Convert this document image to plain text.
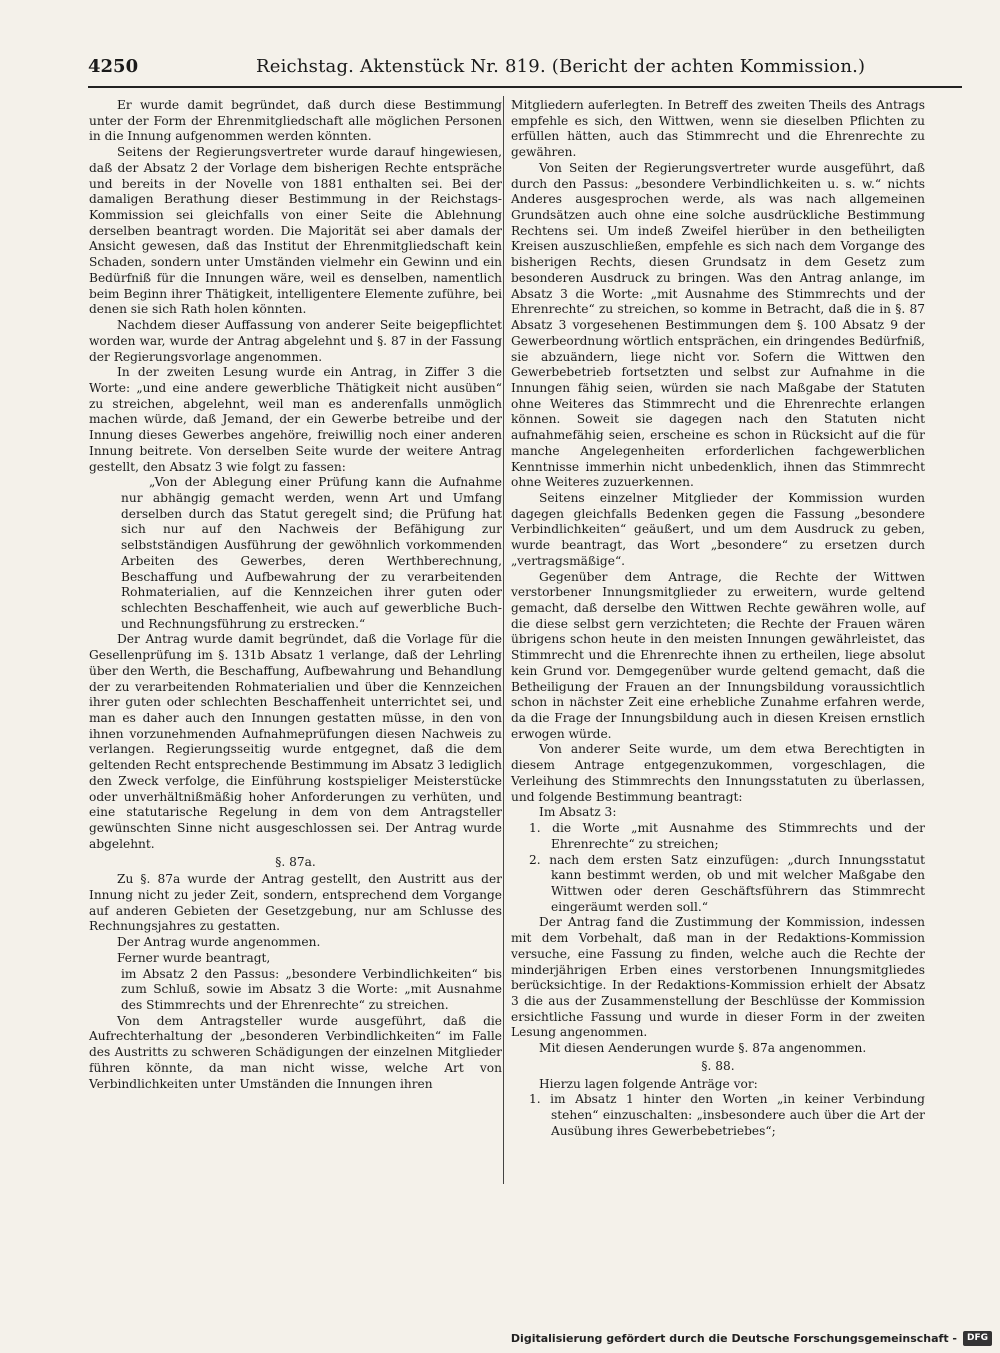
4250	Reichstag. Aktenstück Nr. 819. (Bericht der achten Kommission.)

Er wurde damit begründet, daß durch diese Bestimmung unter der Form der Ehrenmitgliedschaft alle möglichen Personen in die Innung aufgenommen werden könnten.

Seitens der Regierungsvertreter wurde darauf hingewiesen, daß der Absatz 2 der Vorlage dem bisherigen Rechte entspräche und bereits in der Novelle von 1881 enthalten sei. Bei der damaligen Berathung dieser Bestimmung in der Reichstags-Kommission sei gleichfalls von einer Seite die Ablehnung derselben beantragt worden. Die Majorität sei aber damals der Ansicht gewesen, daß das Institut der Ehrenmitgliedschaft kein Schaden, sondern unter Umständen vielmehr ein Gewinn und ein Bedürfniß für die Innungen wäre, weil es denselben, namentlich beim Beginn ihrer Thätigkeit, intelligentere Elemente zuführe, bei denen sie sich Rath holen könnten.

Nachdem dieser Auffassung von anderer Seite beigepflichtet worden war, wurde der Antrag abgelehnt und §. 87 in der Fassung der Regierungsvorlage angenommen.

In der zweiten Lesung wurde ein Antrag, in Ziffer 3 die Worte: „und eine andere gewerbliche Thätigkeit nicht ausüben“ zu streichen, abgelehnt, weil man es anderenfalls unmöglich machen würde, daß Jemand, der ein Gewerbe betreibe und der Innung dieses Gewerbes angehöre, freiwillig noch einer anderen Innung beitrete. Von derselben Seite wurde der weitere Antrag gestellt, den Absatz 3 wie folgt zu fassen:

„Von der Ablegung einer Prüfung kann die Aufnahme nur abhängig gemacht werden, wenn Art und Umfang derselben durch das Statut geregelt sind; die Prüfung hat sich nur auf den Nachweis der Befähigung zur selbstständigen Ausführung der gewöhnlich vorkommenden Arbeiten des Gewerbes, deren Werthberechnung, Beschaffung und Aufbewahrung der zu verarbeitenden Rohmaterialien, auf die Kennzeichen ihrer guten oder schlechten Beschaffenheit, wie auch auf gewerbliche Buch- und Rechnungsführung zu erstrecken.“

Der Antrag wurde damit begründet, daß die Vorlage für die Gesellenprüfung im §. 131b Absatz 1 verlange, daß der Lehrling über den Werth, die Beschaffung, Aufbewahrung und Behandlung der zu verarbeitenden Rohmaterialien und über die Kennzeichen ihrer guten oder schlechten Beschaffenheit unterrichtet sei, und man es daher auch den Innungen gestatten müsse, in den von ihnen vorzunehmenden Aufnahmeprüfungen diesen Nachweis zu verlangen. Regierungsseitig wurde entgegnet, daß die dem geltenden Recht entsprechende Bestimmung im Absatz 3 lediglich den Zweck verfolge, die Einführung kostspieliger Meisterstücke oder unverhältnißmäßig hoher Anforderungen zu verhüten, und eine statutarische Regelung in dem von dem Antragsteller gewünschten Sinne nicht ausgeschlossen sei. Der Antrag wurde abgelehnt.

§. 87a.

Zu §. 87a wurde der Antrag gestellt, den Austritt aus der Innung nicht zu jeder Zeit, sondern, entsprechend dem Vorgange auf anderen Gebieten der Gesetzgebung, nur am Schlusse des Rechnungsjahres zu gestatten.

Der Antrag wurde angenommen.

Ferner wurde beantragt,

im Absatz 2 den Passus: „besondere Verbindlichkeiten“ bis zum Schluß, sowie im Absatz 3 die Worte: „mit Ausnahme des Stimmrechts und der Ehrenrechte“ zu streichen.

Von dem Antragsteller wurde ausgeführt, daß die Aufrechterhaltung der „besonderen Verbindlichkeiten“ im Falle des Austritts zu schweren Schädigungen der einzelnen Mitglieder führen könnte, da man nicht wisse, welche Art von Verbindlichkeiten unter Umständen die Innungen ihren

Mitgliedern auferlegten. In Betreff des zweiten Theils des Antrags empfehle es sich, den Wittwen, wenn sie dieselben Pflichten zu erfüllen hätten, auch das Stimmrecht und die Ehrenrechte zu gewähren.

Von Seiten der Regierungsvertreter wurde ausgeführt, daß durch den Passus: „besondere Verbindlichkeiten u. s. w.“ nichts Anderes ausgesprochen werde, als was nach allgemeinen Grundsätzen auch ohne eine solche ausdrückliche Bestimmung Rechtens sei. Um indeß Zweifel hierüber in den betheiligten Kreisen auszuschließen, empfehle es sich nach dem Vorgange des bisherigen Rechts, diesen Grundsatz in dem Gesetz zum besonderen Ausdruck zu bringen. Was den Antrag anlange, im Absatz 3 die Worte: „mit Ausnahme des Stimmrechts und der Ehrenrechte“ zu streichen, so komme in Betracht, daß die in §. 87 Absatz 3 vorgesehenen Bestimmungen dem §. 100 Absatz 9 der Gewerbeordnung wörtlich entsprächen, ein dringendes Bedürfniß, sie abzuändern, liege nicht vor. Sofern die Wittwen den Gewerbebetrieb fortsetzten und selbst zur Aufnahme in die Innungen fähig seien, würden sie nach Maßgabe der Statuten ohne Weiteres das Stimmrecht und die Ehrenrechte erlangen können. Soweit sie dagegen nach den Statuten nicht aufnahmefähig seien, erscheine es schon in Rücksicht auf die für manche Angelegenheiten erforderlichen fachgewerblichen Kenntnisse immerhin nicht unbedenklich, ihnen das Stimmrecht ohne Weiteres zuzuerkennen.

Seitens einzelner Mitglieder der Kommission wurden dagegen gleichfalls Bedenken gegen die Fassung „besondere Verbindlichkeiten“ geäußert, und um dem Ausdruck zu geben, wurde beantragt, das Wort „besondere“ zu ersetzen durch „vertragsmäßige“.

Gegenüber dem Antrage, die Rechte der Wittwen verstorbener Innungsmitglieder zu erweitern, wurde geltend gemacht, daß derselbe den Wittwen Rechte gewähren wolle, auf die diese selbst gern verzichteten; die Rechte der Frauen wären übrigens schon heute in den meisten Innungen gewährleistet, das Stimmrecht und die Ehrenrechte ihnen zu ertheilen, liege absolut kein Grund vor. Demgegenüber wurde geltend gemacht, daß die Betheiligung der Frauen an der Innungsbildung voraussichtlich schon in nächster Zeit eine erhebliche Zunahme erfahren werde, da die Frage der Innungsbildung auch in diesen Kreisen ernstlich erwogen würde.

Von anderer Seite wurde, um dem etwa Berechtigten in diesem Antrage entgegenzukommen, vorgeschlagen, die Verleihung des Stimmrechts den Innungsstatuten zu überlassen, und folgende Bestimmung beantragt:

Im Absatz 3:

1. die Worte „mit Ausnahme des Stimmrechts und der Ehrenrechte“ zu streichen;

2. nach dem ersten Satz einzufügen: „durch Innungsstatut kann bestimmt werden, ob und mit welcher Maßgabe den Wittwen oder deren Geschäftsführern das Stimmrecht eingeräumt werden soll.“

Der Antrag fand die Zustimmung der Kommission, indessen mit dem Vorbehalt, daß man in der Redaktions-Kommission versuche, eine Fassung zu finden, welche auch die Rechte der minderjährigen Erben eines verstorbenen Innungsmitgliedes berücksichtige. In der Redaktions-Kommission erhielt der Absatz 3 die aus der Zusammenstellung der Beschlüsse der Kommission ersichtliche Fassung und wurde in dieser Form in der zweiten Lesung angenommen.

Mit diesen Aenderungen wurde §. 87a angenommen.

§. 88.

Hierzu lagen folgende Anträge vor:

1. im Absatz 1 hinter den Worten „in keiner Verbindung stehen“ einzuschalten: „insbesondere auch über die Art der Ausübung ihres Gewerbebetriebes“;

Digitalisierung gefördert durch die Deutsche Forschungsgemeinschaft -	DFG
